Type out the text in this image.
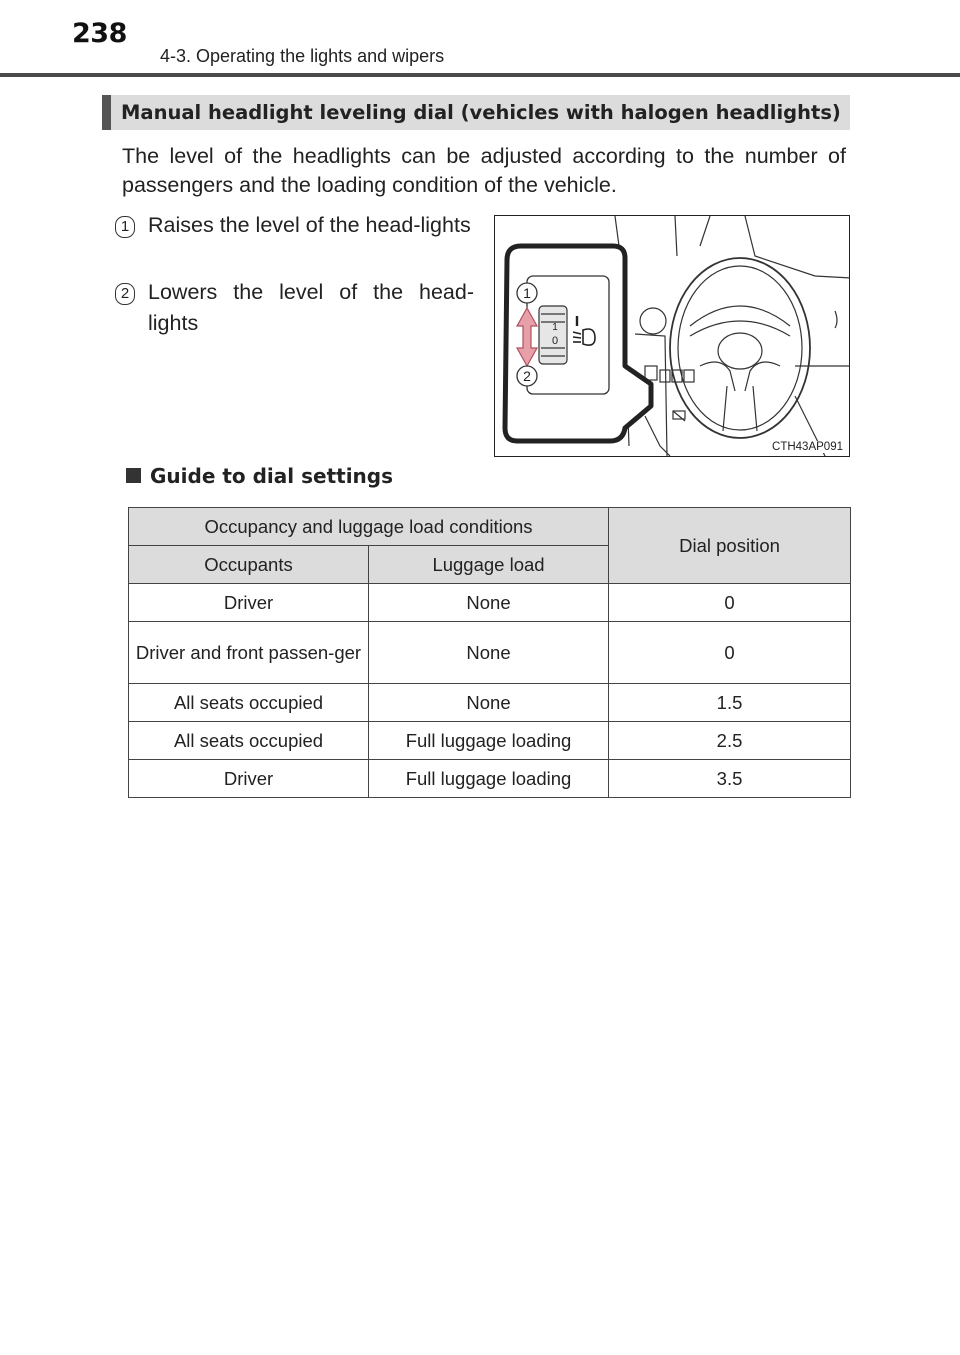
238
4-3. Operating the lights and wipers
Manual headlight leveling dial (vehicles with halogen headlights)
The level of the headlights can be adjusted according to the number of passengers and the loading condition of the vehicle.
1 Raises the level of the head-lights
2 Lowers the level of the head-lights	1
0
1
2
CTH43AP091
Guide to dial settings
Occupancy and luggage load conditions		Dial position
Occupants	Luggage load	
Driver	None	0
Driver and front passen-ger	None	0
All seats occupied	None	1.5
All seats occupied	Full luggage loading	2.5
Driver	Full luggage loading	3.5
